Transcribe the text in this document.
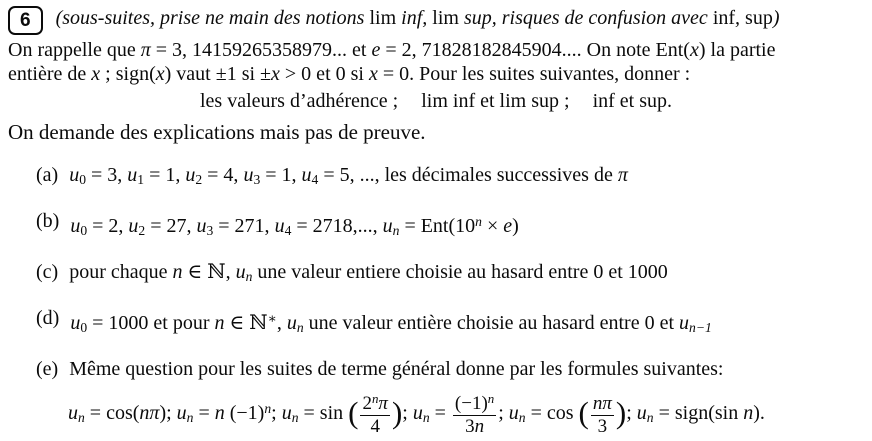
6	(sous-suites, prise ne main des notions lim inf, lim sup, risques de confusion avec inf, sup)
On rappelle que π = 3, 14159265358979... et e = 2, 71828182845904.... On note Ent(x) la partie
entière de x ; sign(x) vaut ±1 si ±x > 0 et 0 si x = 0. Pour les suites suivantes, donner :
les valeurs d’adhérence ; lim inf et lim sup ; inf et sup.
On demande des explications mais pas de preuve.
(a) $u_0 = 3$, $u_1 = 1$, $u_2 = 4$, $u_3 = 1$, $u_4 = 5$, ..., les décimales successives de π
(b) $u_0 = 2$, $u_2 = 27$, $u_3 = 271$, $u_4 = 2718$,..., un = $Ent(10^n \times e)$
(c) pour chaque n ∈ ℕ, un une valeur entiere choisie au hasard entre 0 et 1000
(d) $u_0 = 1000$ et pour n ∈ ℕ∗, un une valeur entière choisie au hasard entre 0 et un−1
(e) Même question pour les suites de terme général donne par les formules suivantes:
un = cos(nπ); un = n $(-1)^n$; un = sin ( $\frac{2^n\pi}{4}$ ); un = $\frac{(-1)^n}{3n}$ ; un = cos ( $\frac{n\pi}{3}$ ); un = sign(sin n).
